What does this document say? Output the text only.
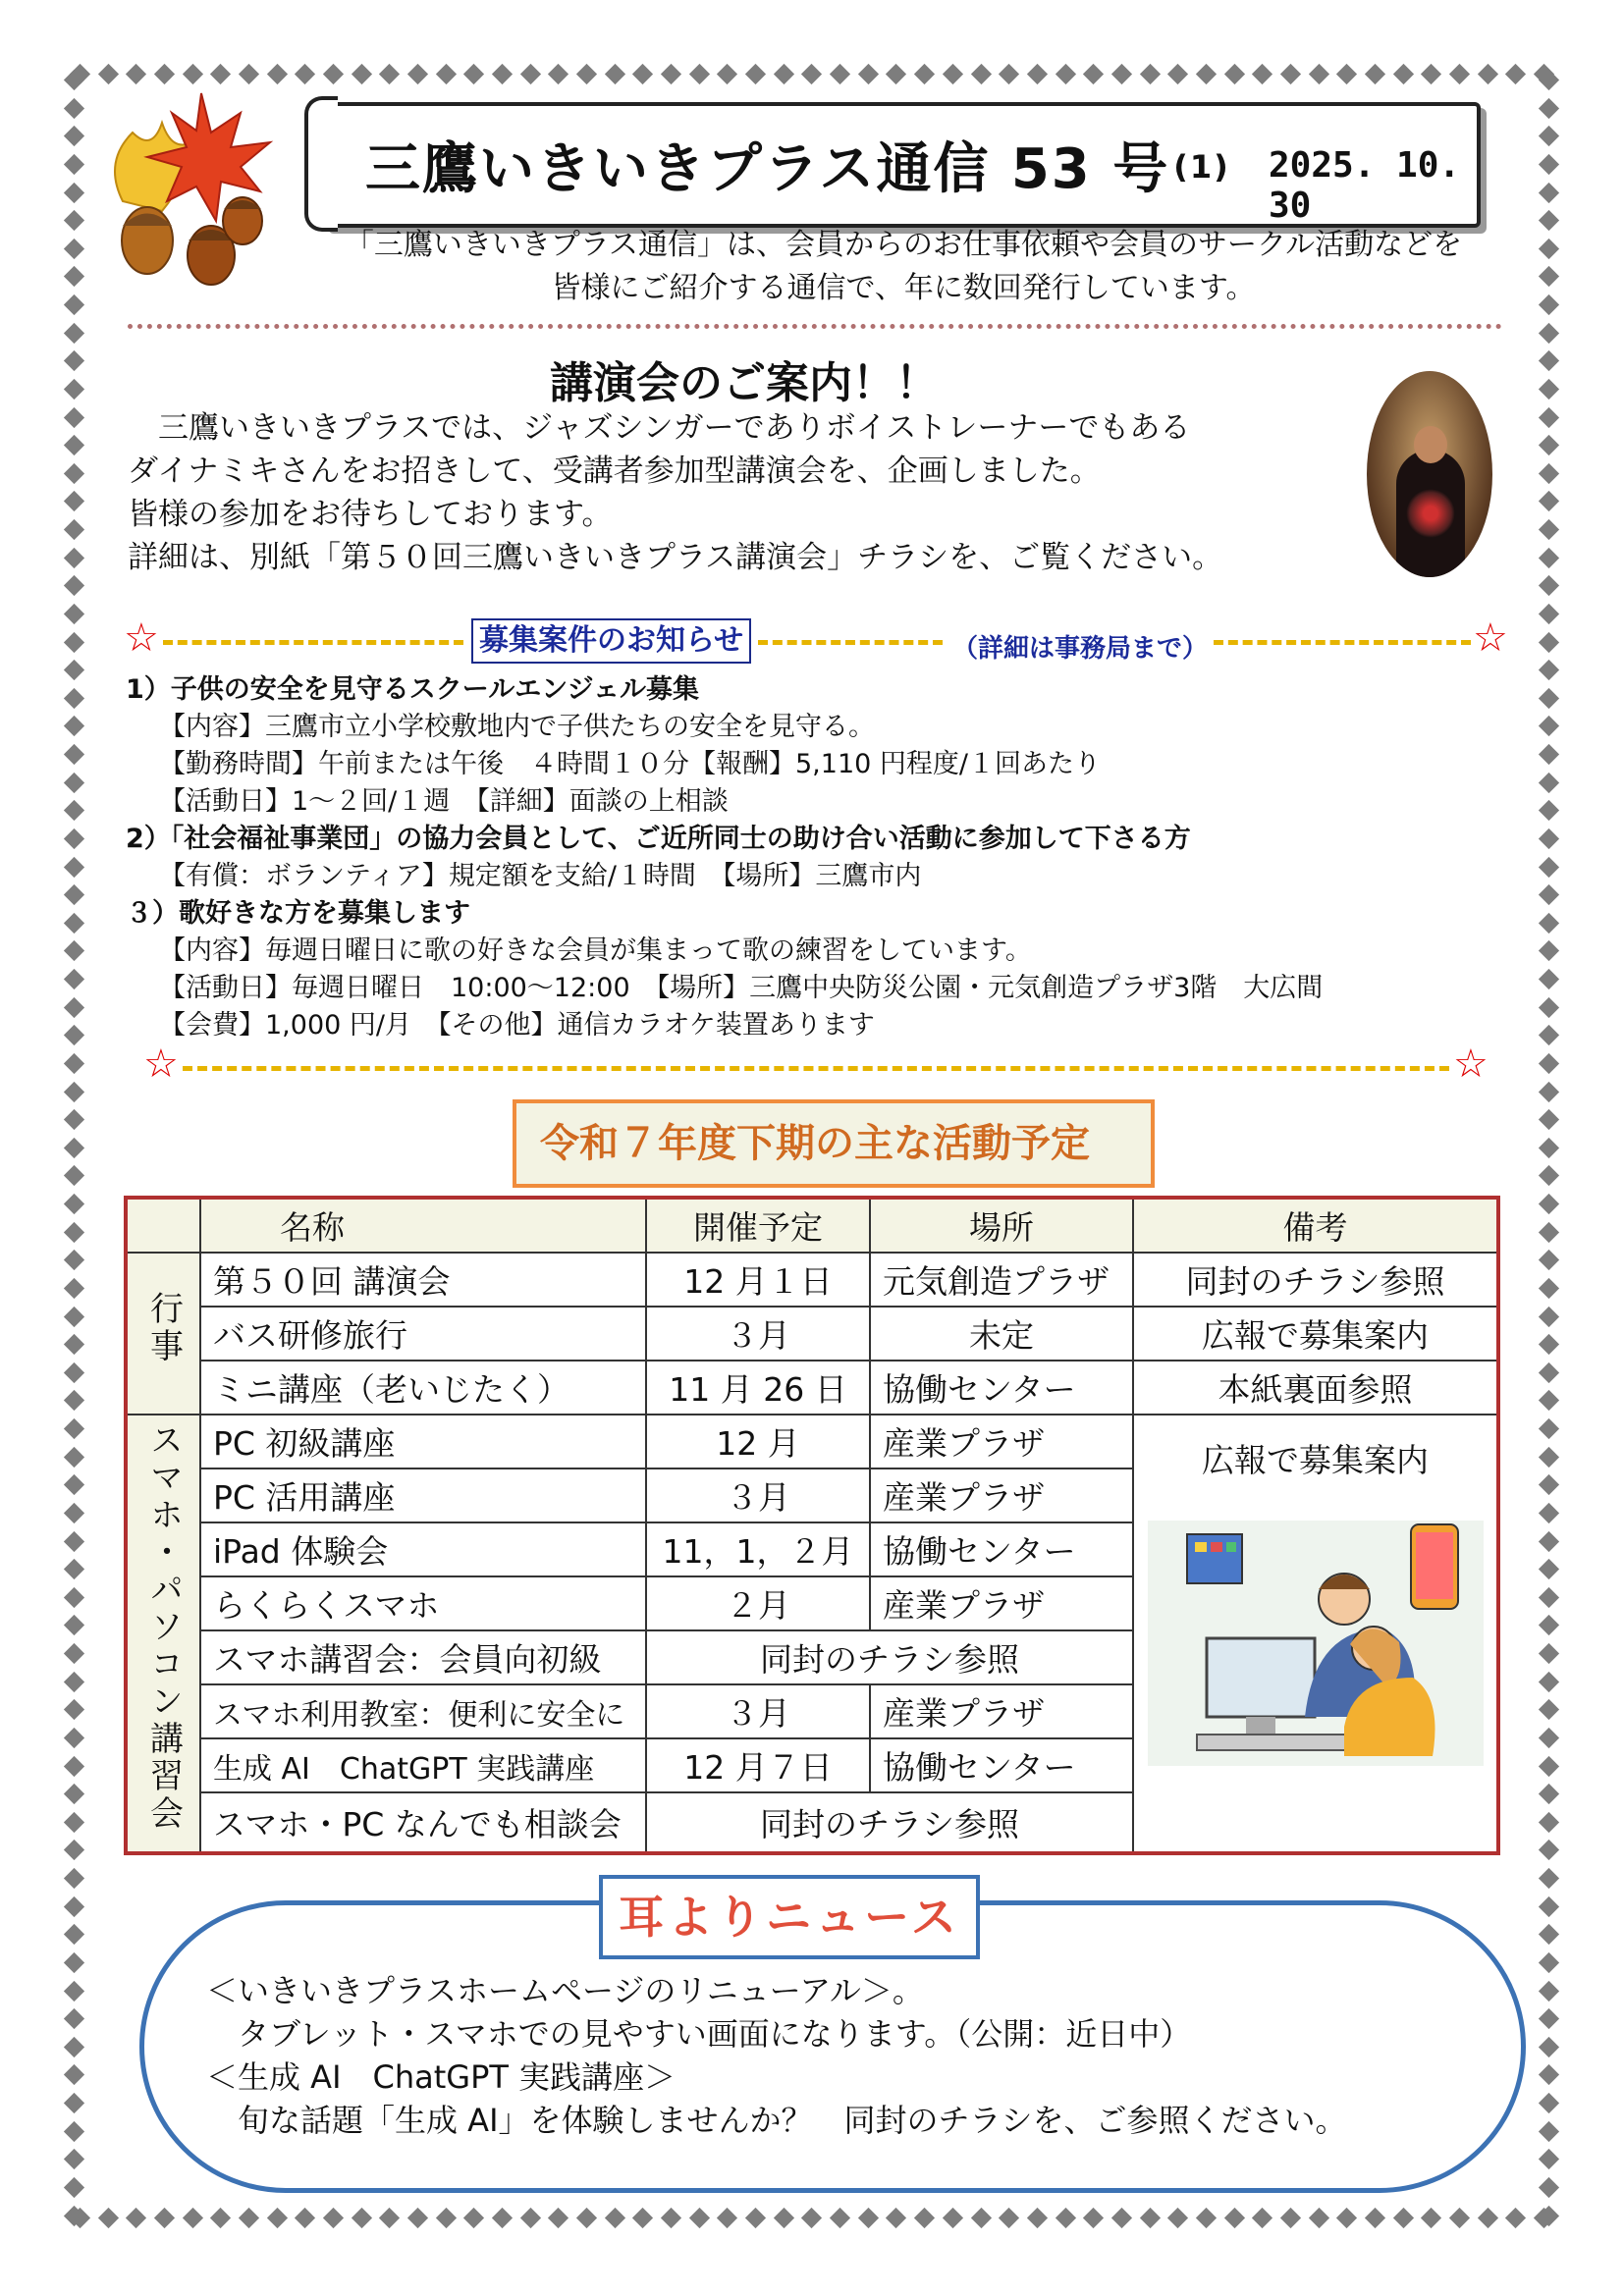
三鷹いきいきプラス通信 53 号 $^{(1)}$ 2025. 10. 30
「三鷹いきいきプラス通信」は、会員からのお仕事依頼や会員のサークル活動などを
皆様にご紹介する通信で、年に数回発行しています。
講演会のご案内！！
　三鷹いきいきプラスでは、ジャズシンガーでありボイストレーナーでもある
ダイナミキさんをお招きして、受講者参加型講演会を、企画しました。
皆様の参加をお待ちしております。
詳細は、別紙「第５０回三鷹いきいきプラス講演会」チラシを、ご覧ください。
☆	募集案件のお知らせ	（詳細は事務局まで）	☆
1）子供の安全を見守るスクールエンジェル募集
【内容】三鷹市立小学校敷地内で子供たちの安全を見守る。
【勤務時間】午前または午後　４時間１０分【報酬】5,110 円程度/１回あたり
【活動日】1～２回/１週　【詳細】面談の上相談
2）「社会福祉事業団」の協力会員として、ご近所同士の助け合い活動に参加して下さる方
【有償：ボランティア】規定額を支給/１時間　【場所】三鷹市内
３）歌好きな方を募集します
【内容】毎週日曜日に歌の好きな会員が集まって歌の練習をしています。
【活動日】毎週日曜日　10:00～12:00　【場所】三鷹中央防災公園・元気創造プラザ3階　大広間
【会費】1,000 円/月　【その他】通信カラオケ装置あります
☆	☆
令和７年度下期の主な活動予定
	名称	開催予定	場所	備考
行事	第５０回 講演会	12 月１日	元気創造プラザ	同封のチラシ参照
	バス研修旅行	３月	未定	広報で募集案内
	ミニ講座（老いじたく）	11 月 26 日	協働センター	本紙裏面参照
スマホ・パソコン講習会	PC 初級講座	12 月	産業プラザ	広報で募集案内

	PC 活用講座	３月	産業プラザ	
	iPad 体験会	11，1，２月	協働センター	
	らくらくスマホ	２月	産業プラザ	
	スマホ講習会：会員向初級	同封のチラシ参照		
	スマホ利用教室：便利に安全に	３月	産業プラザ	
	生成 AI　ChatGPT 実践講座	12 月７日	協働センター	
	スマホ・PC なんでも相談会	同封のチラシ参照		
耳よりニュース
＜いきいきプラスホームページのリニューアル＞。
　タブレット・スマホでの見やすい画面になります。（公開：近日中）
＜生成 AI　ChatGPT 実践講座＞
　旬な話題「生成 AI」を体験しませんか？　同封のチラシを、ご参照ください。
